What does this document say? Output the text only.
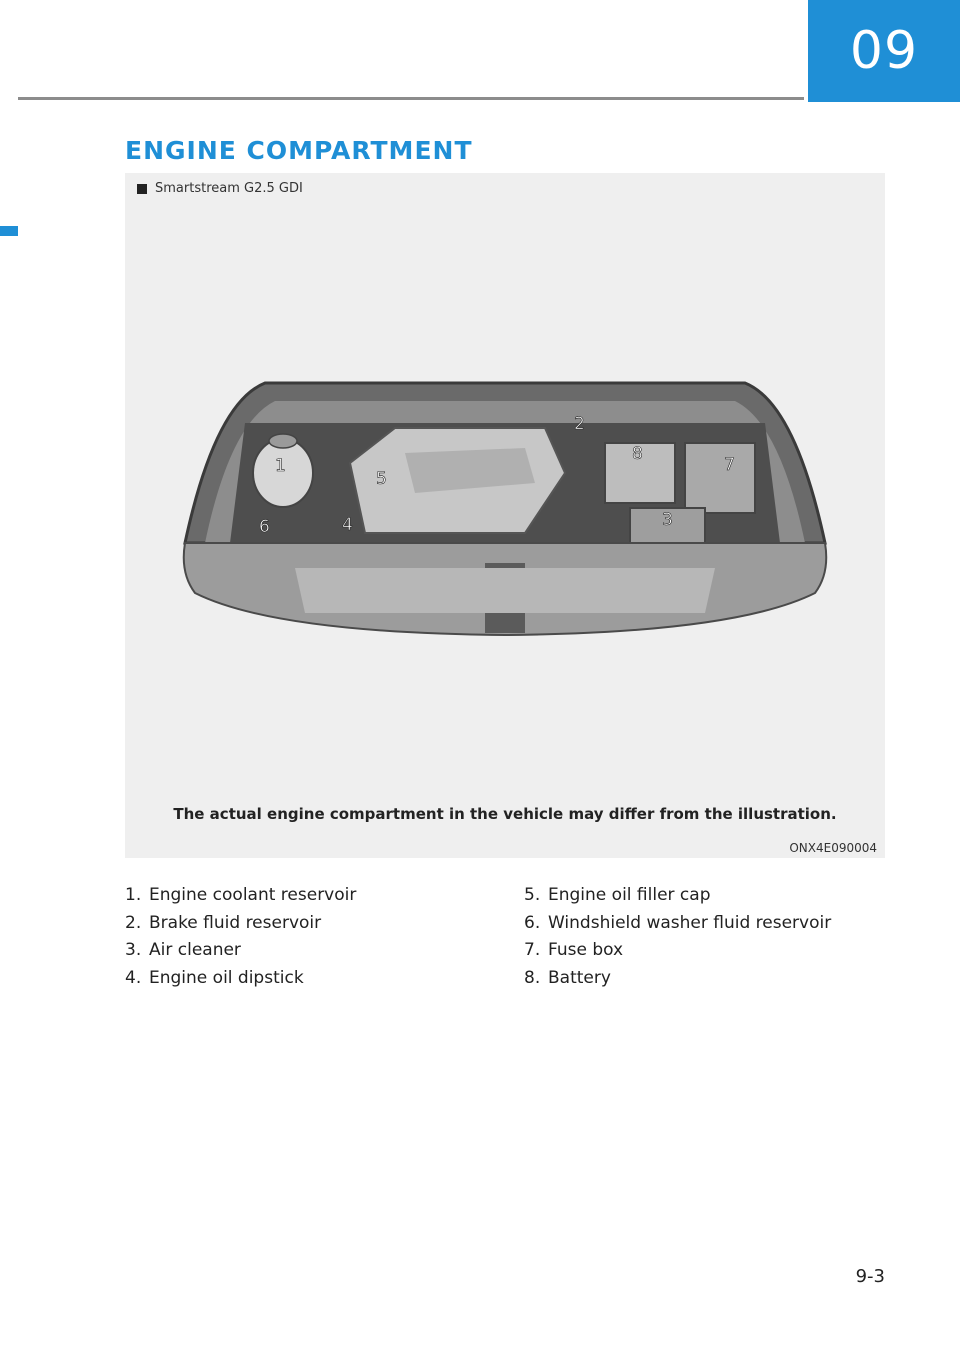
09
ENGINE COMPARTMENT
1
2
3
4
5
6
7
8
Smartstream G2.5 GDI
The actual engine compartment in the vehicle may differ from the illustration.
ONX4E090004
1. Engine coolant reservoir
2. Brake fluid reservoir
3. Air cleaner
4. Engine oil dipstick
5. Engine oil filler cap
6. Windshield washer fluid reservoir
7. Fuse box
8. Battery
9-3
